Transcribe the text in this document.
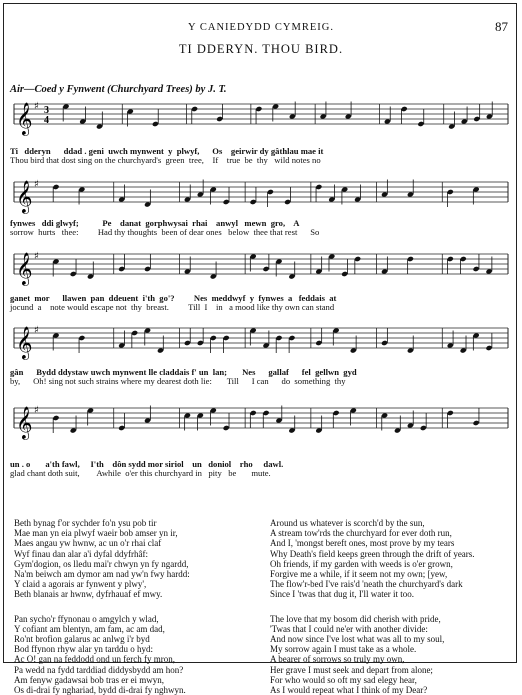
Y CANIEDYDD CYMREIG.	87
TI DDERYN. THOU BIRD.
Air—Coed y Fynwent (Churchyard Trees) by J. T.
𝄞 ♯ 3
4
Ti   dderyn      ddad . geni  uwch mynwent  y  plwyf,      Os    geirwir dy gâthlau mae it
Thou bird that dost sing on the churchyard's  green  tree,    If    true  be  thy   wild notes no
𝄞 ♯
fynwes   ddi glwyf;           Pe    danat  gorphwysai  rhai    anwyl   mewn  gro,    A
sorrow  hurts   thee:         Had thy thoughts  been of dear ones   below  thee that rest      So
𝄞 ♯
ganet  mor      llawen  pan  ddeuent  i'th  go'?         Nes  meddwyf  y  fynwes  a   feddais  at
jocund  a    note would escape not  thy  breast.         Till  I    in   a mood like thy own can stand
𝄞 ♯
gân      Bydd ddystaw uwch mynwent lle claddais f' un  lan;       Nes      gallaf      fel  gellwn  gyd
by,      Oh! sing not such strains where my dearest doth lie:       Till      I can      do  something  thy
𝄞 ♯
un . o       a'th fawl,     I'th    dôn sydd mor siriol    un   doniol    rho     dawl.
glad chant doth suit,        Awhile  o'er this churchyard in   pity   be       mute.

Beth bynag f'or sychder fo'n ysu pob tir

Mae man yn eia plwyf waeir bob amser yn ir,

Maes angau yw hwnw, ac un o'r rhai claf

Wyf finau dan alar a'i dyfal ddyfrhâf:

Gym'dogion, os lledu mai'r chwyn yn fy ngardd,

Na'm beiwch am dymor am nad yw'n fwy hardd:

Y claid a agorais ar fynwent y plwy',

Beth blanais ar hwnw, dyfrhauaf ef mwy.

Pan sycho'r ffynonau o amgylch y wlad,

Y cofiant am blentyn, am fam, ac am dad,

Ro'nt brofion galarus ac anlwg i'r byd

Bod ffynon rhyw alar yn tarddu o hyd:

Ac O! gan na feddodd ond un ferch fy mron,

Pa wedd na fydd tarddiad diddysbydd am hon?

Am fenyw gadawsai bob tras er ei mwyn,

Os di-drai fy nghariad, bydd di-drai fy nghwyn.

Around us whatever is scorch'd by the sun,

A stream tow'rds the churchyard for ever doth run,

And I, 'mongst bereft ones, most prove by my tears

Why Death's field keeps green through the drift of years.

Oh friends, if my garden with weeds is o'er grown,

Forgive me a while, if it seem not my own; [yew,

The flow'r-bed I've rais'd 'neath the churchyard's dark

Since I 'twas that dug it, I'll water it too.

The love that my bosom did cherish with pride,

'Twas that I could ne'er with another divide:

And now since I've lost what was all to my soul,

My sorrow again I must take as a whole.

A bearer of sorrows so truly my own,

Her grave I must seek and depart from alone;

For who would so oft my sad elegy hear,

As I would repeat what I think of my Dear?
